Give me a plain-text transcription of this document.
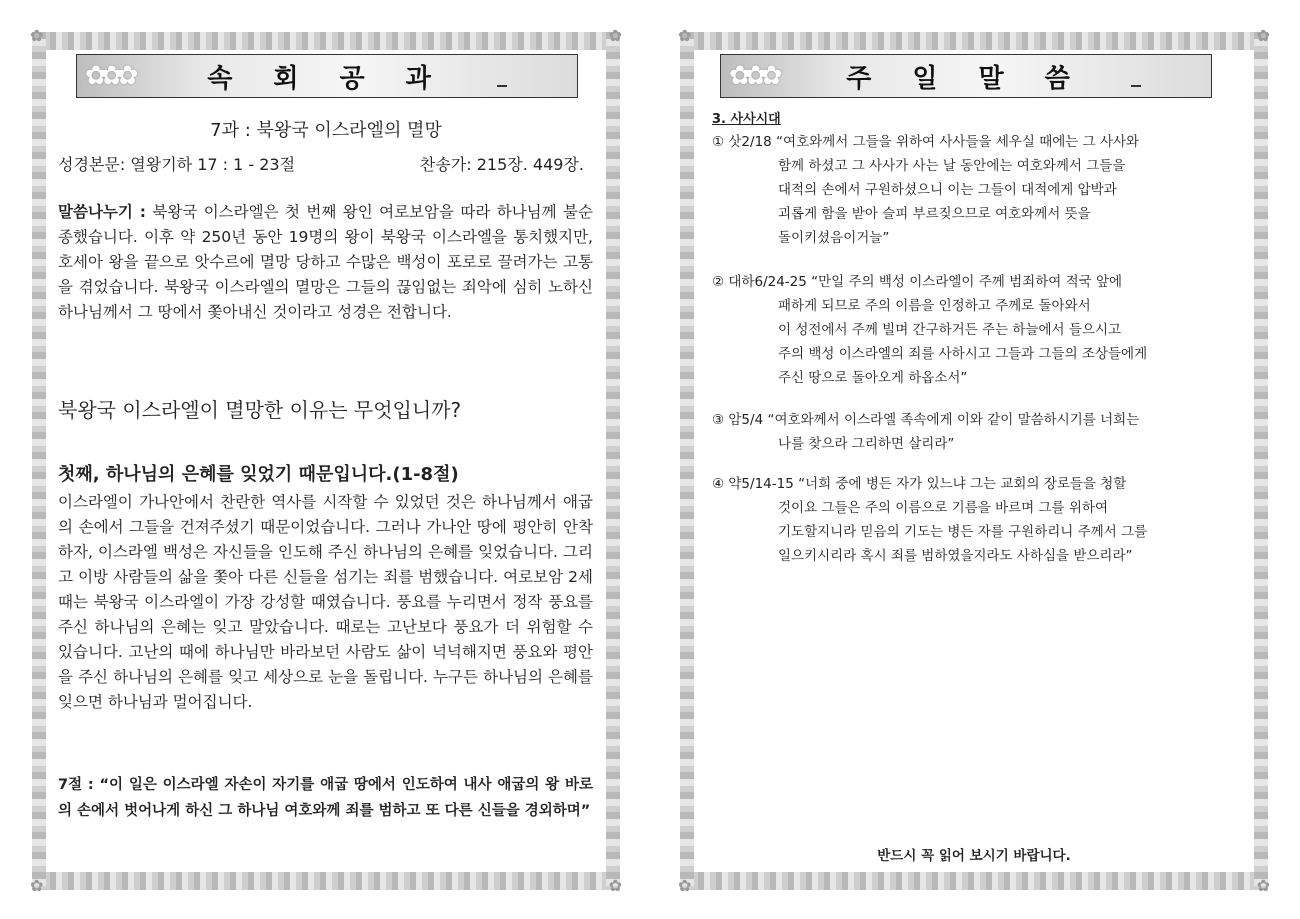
✿	✿
✿	✿
✿✿✿	속 회 공 과
7과 : 북왕국 이스라엘의 멸망
성경본문: 열왕기하 17 : 1 - 23절	찬송가: 215장. 449장.
말씀나누기 : 북왕국 이스라엘은 첫 번째 왕인 여로보암을 따라 하나님께 불순종했습니다. 이후 약 250년 동안 19명의 왕이 북왕국 이스라엘을 통치했지만, 호세아 왕을 끝으로 앗수르에 멸망 당하고 수많은 백성이 포로로 끌려가는 고통을 겪었습니다. 북왕국 이스라엘의 멸망은 그들의 끊임없는 죄악에 심히 노하신 하나님께서 그 땅에서 쫓아내신 것이라고 성경은 전합니다.
북왕국 이스라엘이 멸망한 이유는 무엇입니까?
첫째, 하나님의 은혜를 잊었기 때문입니다.(1-8절)
이스라엘이 가나안에서 찬란한 역사를 시작할 수 있었던 것은 하나님께서 애굽의 손에서 그들을 건져주셨기 때문이었습니다. 그러나 가나안 땅에 평안히 안착하자, 이스라엘 백성은 자신들을 인도해 주신 하나님의 은혜를 잊었습니다. 그리고 이방 사람들의 삶을 쫓아 다른 신들을 섬기는 죄를 범했습니다. 여로보암 2세 때는 북왕국 이스라엘이 가장 강성할 때였습니다. 풍요를 누리면서 정작 풍요를 주신 하나님의 은혜는 잊고 말았습니다. 때로는 고난보다 풍요가 더 위험할 수 있습니다. 고난의 때에 하나님만 바라보던 사람도 삶이 넉넉해지면 풍요와 평안을 주신 하나님의 은혜를 잊고 세상으로 눈을 돌립니다. 누구든 하나님의 은혜를 잊으면 하나님과 멀어집니다.
7절 : “이 일은 이스라엘 자손이 자기를 애굽 땅에서 인도하여 내사 애굽의 왕 바로의 손에서 벗어나게 하신 그 하나님 여호와께 죄를 범하고 또 다른 신들을 경외하며”
✿	✿
✿	✿
✿✿✿	주 일 말 씀
3. 사사시대
① 삿2/18 “여호와께서 그들을 위하여 사사들을 세우실 때에는 그 사사와
함께 하셨고 그 사사가 사는 날 동안에는 여호와께서 그들을
대적의 손에서 구원하셨으니 이는 그들이 대적에게 압박과
괴롭게 함을 받아 슬피 부르짖으므로 여호와께서 뜻을
돌이키셨음이거늘”
② 대하6/24-25 “만일 주의 백성 이스라엘이 주께 범죄하여 적국 앞에
패하게 되므로 주의 이름을 인정하고 주께로 돌아와서
이 성전에서 주께 빌며 간구하거든 주는 하늘에서 들으시고
주의 백성 이스라엘의 죄를 사하시고 그들과 그들의 조상들에게
주신 땅으로 돌아오게 하옵소서”
③ 암5/4 “여호와께서 이스라엘 족속에게 이와 같이 말씀하시기를 너희는
나를 찾으라 그리하면 살리라”
④ 약5/14-15 “너희 중에 병든 자가 있느냐 그는 교회의 장로들을 청할
것이요 그들은 주의 이름으로 기름을 바르며 그를 위하여
기도할지니라 믿음의 기도는 병든 자를 구원하리니 주께서 그를
일으키시리라 혹시 죄를 범하였을지라도 사하심을 받으리라”
반드시 꼭 읽어 보시기 바랍니다.
